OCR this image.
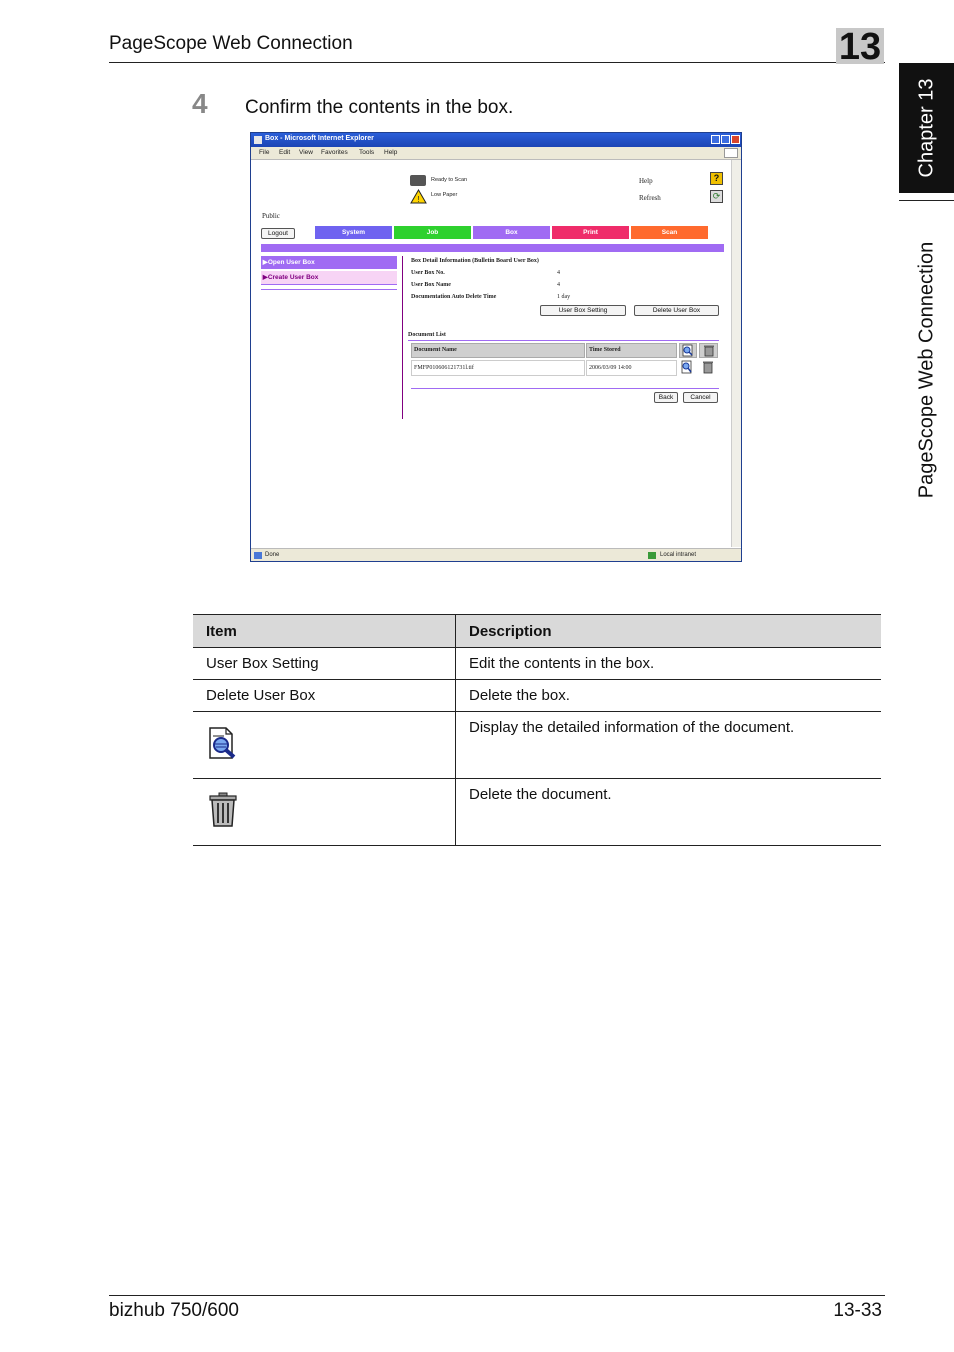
PageScope Web Connection	13
Chapter 13
PageScope Web Connection
4 Confirm the contents in the box.
Box - Microsoft Internet Explorer
File Edit View Favorites Tools Help
Ready to Scan
! Low Paper
Help	?
Refresh	⟳
Public
Logout	System	Job	Box	Print	Scan
▶Open User Box
▶Create User Box
Box Detail Information (Bulletin Board User Box)
User Box No.	4
User Box Name	4
Documentation Auto Delete Time	1 day
User Box Setting	Delete User Box
Document List
Document Name	Time Stored
FMFP010606121731l.tif	2006/03/09 14:00
Back	Cancel
Done	Local intranet
Item	Description
User Box Setting	Edit the contents in the box.
Delete User Box	Delete the box.
	Display the detailed information of the document.
	Delete the document.
bizhub 750/600	13-33
